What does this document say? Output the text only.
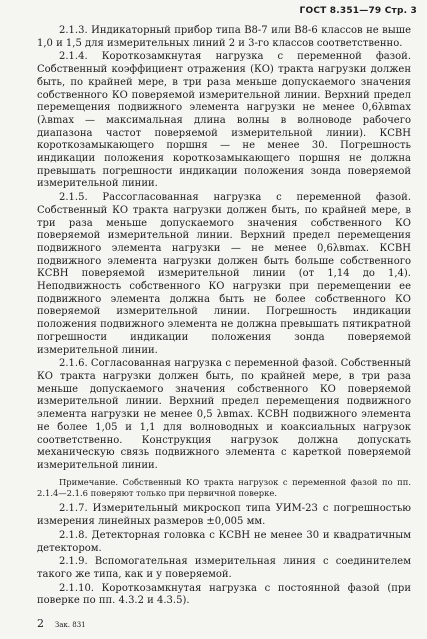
ГОСТ 8.351—79 Стр. 3

2.1.3. Индикаторный прибор типа В8-7 или В8-6 классов не выше 1,0 и 1,5 для измерительных линий 2 и 3-го классов соответственно.

2.1.4. Короткозамкнутая нагрузка с переменной фазой. Собственный коэффициент отражения (КО) тракта нагрузки должен быть, по крайней мере, в три раза меньше допускаемого значения собственного КО поверяемой измерительной линии. Верхний предел перемещения подвижного элемента нагрузки не менее 0,6λвmax (λвmax — максимальная длина волны в волноводе рабочего диапазона частот поверяемой измерительной линии). КСВН короткозамыкающего поршня — не менее 30. Погрешность индикации положения короткозамыкающего поршня не должна превышать погрешности индикации положения зонда поверяемой измерительной линии.

2.1.5. Рассогласованная нагрузка с переменной фазой. Собственный КО тракта нагрузки должен быть, по крайней мере, в три раза меньше допускаемого значения собственного КО поверяемой измерительной линии. Верхний предел перемещения подвижного элемента нагрузки — не менее 0,6λвmax. КСВН подвижного элемента нагрузки должен быть больше собственного КСВН поверяемой измерительной линии (от 1,14 до 1,4). Неподвижность собственного КО нагрузки при перемещении ее подвижного элемента должна быть не более собственного КО поверяемой измерительной линии. Погрешность индикации положения подвижного элемента не должна превышать пятикратной погрешности индикации положения зонда поверяемой измерительной линии.

2.1.6. Согласованная нагрузка с переменной фазой. Собственный КО тракта нагрузки должен быть, по крайней мере, в три раза меньше допускаемого значения собственного КО поверяемой измерительной линии. Верхний предел перемещения подвижного элемента нагрузки не менее 0,5 λвmax. КСВН подвижного элемента не более 1,05 и 1,1 для волноводных и коаксиальных нагрузок соответственно. Конструкция нагрузок должна допускать механическую связь подвижного элемента с кареткой поверяемой измерительной линии.

Примечание. Собственный КО тракта нагрузок с переменной фазой по пп. 2.1.4—2.1.6 поверяют только при первичной поверке.

2.1.7. Измерительный микроскоп типа УИМ-23 с погрешностью измерения линейных размеров ±0,005 мм.

2.1.8. Детекторная головка с КСВН не менее 30 и квадратичным детектором.

2.1.9. Вспомогательная измерительная линия с соединителем такого же типа, как и у поверяемой.

2.1.10. Короткозамкнутая нагрузка с постоянной фазой (при поверке по пп. 4.3.2 и 4.3.5).

2 Зак. 831
